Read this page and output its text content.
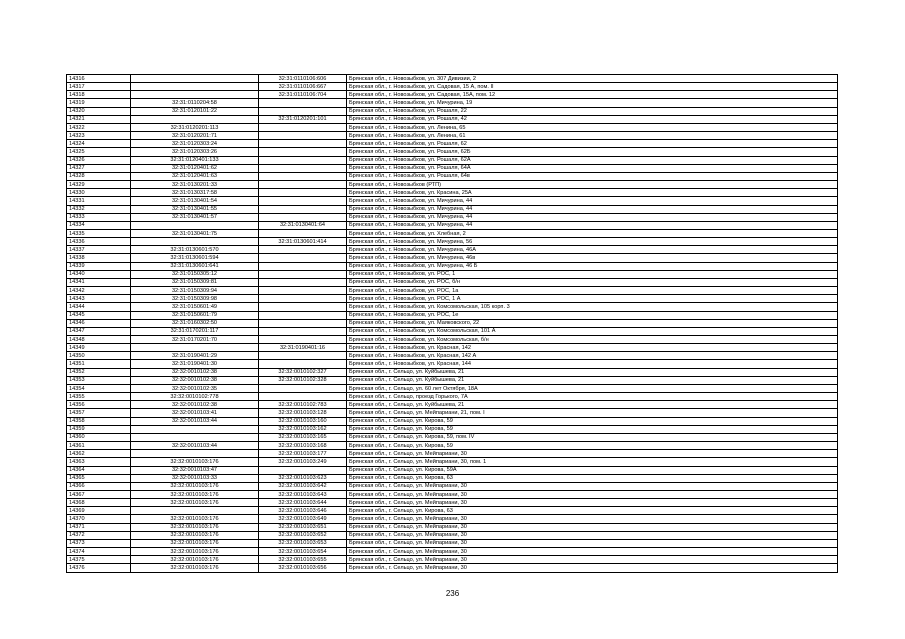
14316		32:31:0110106:606	Брянская обл., г. Новозыбков, ул. 307 Дивизии, 2
14317		32:31:0110106:667	Брянская обл., г. Новозыбков, ул. Садовая, 15 А, пом. II
14318		32:31:0110106:704	Брянская обл., г. Новозыбков, ул. Садовая, 15А, пом. 12
14319	32:31:0110204:58		Брянская обл., г. Новозыбков, ул. Мичурина, 19
14320	32:31:0120101:22		Брянская обл., г. Новозыбков, ул. Рошаля, 22
14321		32:31:0120201:101	Брянская обл., г. Новозыбков, ул. Рошаля, 42
14322	32:31:0120201:113		Брянская обл., г. Новозыбков, ул. Ленина, 65
14323	32:31:0120201:71		Брянская обл., г. Новозыбков, ул. Ленина, 61
14324	32:31:0120303:24		Брянская обл., г. Новозыбков, ул. Рошаля, 62
14325	32:31:0120303:26		Брянская обл., г. Новозыбков, ул. Рошаля, 62Б
14326	32:31:0120401:133		Брянская обл., г. Новозыбков, ул. Рошаля, 62А
14327	32:31:0120401:62		Брянская обл., г. Новозыбков, ул. Рошаля, 64А
14328	32:31:0120401:63		Брянская обл., г. Новозыбков, ул. Рошаля, 64в
14329	32:31:0130201:33		Брянская обл., г. Новозыбков (РТП)
14330	32:31:0130317:58		Брянская обл., г. Новозыбков, ул. Красина, 25А
14331	32:31:0130401:54		Брянская обл., г. Новозыбков, ул. Мичурина, 44
14332	32:31:0130401:55		Брянская обл., г. Новозыбков, ул. Мичурина, 44
14333	32:31:0130401:57		Брянская обл., г. Новозыбков, ул. Мичурина, 44
14334		32:31:0130401:64	Брянская обл., г. Новозыбков, ул. Мичурина, 44
14335	32:31:0130401:75		Брянская обл., г. Новозыбков, ул. Хлебная, 2
14336		32:31:0130601:414	Брянская обл., г. Новозыбков, ул. Мичурина, 56
14337	32:31:0130601:570		Брянская обл., г. Новозыбков, ул. Мичурина, 46А
14338	32:31:0130601:594		Брянская обл., г. Новозыбков, ул. Мичурина, 46в
14339	32:31:0130601:641		Брянская обл., г. Новозыбков, ул. Мичурина, 46 Б
14340	32:31:0150305:12		Брянская обл., г. Новозыбков, ул. РОС, 1
14341	32:31:0150309:81		Брянская обл., г. Новозыбков, ул. РОС, б/н
14342	32:31:0150309:94		Брянская обл., г. Новозыбков, ул. РОС, 1а
14343	32:31:0150309:98		Брянская обл., г. Новозыбков, ул. РОС, 1 А
14344	32:31:0150601:49		Брянская обл., г. Новозыбков, ул. Комсомольская, 105 корп. 3
14345	32:31:0150601:79		Брянская обл., г. Новозыбков, ул. РОС, 1е
14346	32:31:0160302:50		Брянская обл., г. Новозыбков, ул. Маяковского, 22
14347	32:31:0170201:117		Брянская обл., г. Новозыбков, ул. Комсомольская, 101 А
14348	32:31:0170201:70		Брянская обл., г. Новозыбков, ул. Комсомольская, б/н
14349		32:31:0190401:16	Брянская обл., г. Новозыбков, ул. Красная, 142
14350	32:31:0190401:29		Брянская обл., г. Новозыбков, ул. Красная, 142 А
14351	32:31:0190401:30		Брянская обл., г. Новозыбков, ул. Красная, 144
14352	32:32:0010102:38	32:32:0010102:327	Брянская обл., г. Сельцо, ул. Куйбышева, 21
14353	32:32:0010102:38	32:32:0010102:328	Брянская обл., г. Сельцо, ул. Куйбышева, 21
14354	32:32:0010102:35		Брянская обл., г. Сельцо, ул. 60 лет Октября, 18А
14355	32:32:0010102:778		Брянская обл., г. Сельцо, проезд Горького, 7А
14356	32:32:0010102:38	32:32:0010102:783	Брянская обл., г. Сельцо, ул. Куйбышева, 21
14357	32:32:0010103:41	32:32:0010103:128	Брянская обл., г. Сельцо, ул. Мейпариани, 21, пом. I
14358	32:32:0010103:44	32:32:0010103:160	Брянская обл., г. Сельцо, ул. Кирова, 59
14359		32:32:0010103:162	Брянская обл., г. Сельцо, ул. Кирова, 59
14360		32:32:0010103:165	Брянская обл., г. Сельцо, ул. Кирова, 59, пом. IV
14361	32:32:0010103:44	32:32:0010103:168	Брянская обл., г. Сельцо, ул. Кирова, 59
14362		32:32:0010103:177	Брянская обл., г. Сельцо, ул. Мейпариани, 30
14363	32:32:0010103:176	32:32:0010103:249	Брянская обл., г. Сельцо, ул. Мейпариани, 30, пом. 1
14364	32:32:0010103:47		Брянская обл., г. Сельцо, ул. Кирова, 59А
14365	32:32:0010103:33	32:32:0010103:623	Брянская обл., г. Сельцо, ул. Кирова, 63
14366	32:32:0010103:176	32:32:0010103:642	Брянская обл., г. Сельцо, ул. Мейпариани, 30
14367	32:32:0010103:176	32:32:0010103:643	Брянская обл., г. Сельцо, ул. Мейпариани, 30
14368	32:32:0010103:176	32:32:0010103:644	Брянская обл., г. Сельцо, ул. Мейпариани, 30
14369		32:32:0010103:646	Брянская обл., г. Сельцо, ул. Кирова, 63
14370	32:32:0010103:176	32:32:0010103:649	Брянская обл., г. Сельцо, ул. Мейпариани, 30
14371	32:32:0010103:176	32:32:0010103:651	Брянская обл., г. Сельцо, ул. Мейпариани, 30
14372	32:32:0010103:176	32:32:0010103:652	Брянская обл., г. Сельцо, ул. Мейпариани, 30
14373	32:32:0010103:176	32:32:0010103:653	Брянская обл., г. Сельцо, ул. Мейпариани, 30
14374	32:32:0010103:176	32:32:0010103:654	Брянская обл., г. Сельцо, ул. Мейпариани, 30
14375	32:32:0010103:176	32:32:0010103:655	Брянская обл., г. Сельцо, ул. Мейпариани, 30
14376	32:32:0010103:176	32:32:0010103:656	Брянская обл., г. Сельцо, ул. Мейпариани, 30
236
